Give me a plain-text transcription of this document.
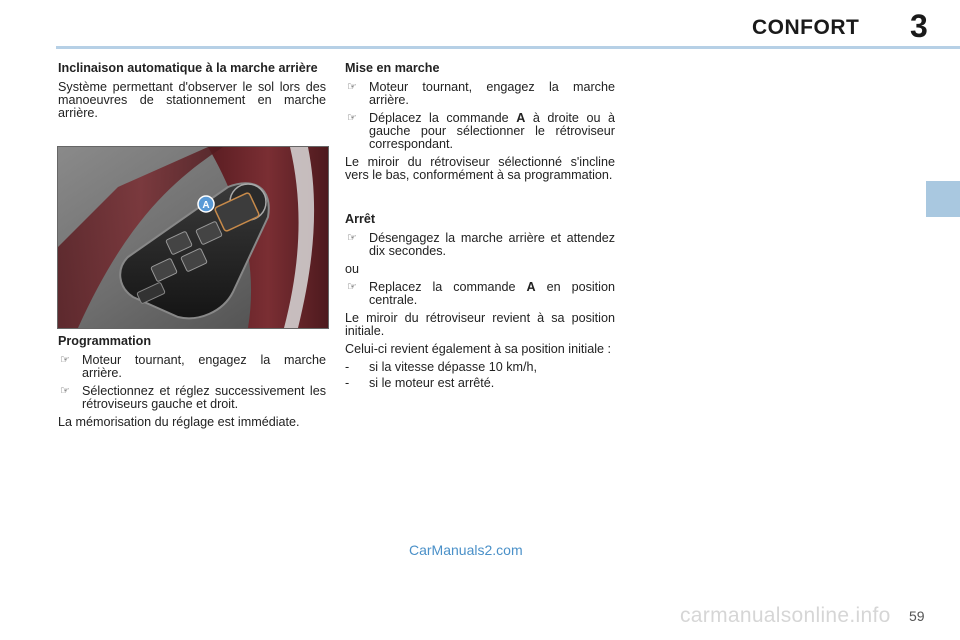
CONFORT 3
Inclinaison automatique à la marche arrière
Système permettant d'observer le sol lors des manoeuvres de stationnement en marche arrière.
Programmation
☞ Moteur tournant, engagez la marche arrière.
☞ Sélectionnez et réglez successivement les rétroviseurs gauche et droit.
La mémorisation du réglage est immédiate.
A
Mise en marche
☞ Moteur tournant, engagez la marche arrière.
☞ Déplacez la commande A à droite ou à gauche pour sélectionner le rétroviseur correspondant.
Le miroir du rétroviseur sélectionné s'incline vers le bas, conformément à sa programmation.
Arrêt
☞ Désengagez la marche arrière et attendez dix secondes.
ou
☞ Replacez la commande A en position centrale.
Le miroir du rétroviseur revient à sa position initiale.
Celui-ci revient également à sa position initiale :
- si la vitesse dépasse 10 km/h,
- si le moteur est arrêté.
CarManuals2.com
carmanualsonline.info 59
